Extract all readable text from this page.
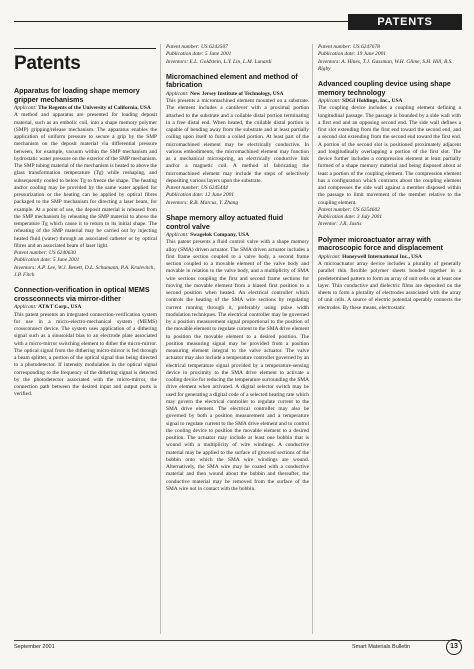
PATENTS
Patents
Apparatus for loading shape memory gripper mechanisms

Applicant: The Regents of the University of California, USA

A method and apparatus are presented for loading deposit material, such as an embolic coil, into a shape memory polymer (SMP) gripping/release mechanism. The apparatus enables the application of uniform pressure to secure a grip by the SMP mechanism on the deposit material via differential pressure between, for example, vacuum within the SMP mechanism and hydrostatic water pressure on the exterior of the SMP mechanism. The SMP tubing material of the mechanism is heated to above the glass transformation temperature (Tg) while reshaping, and subsequently cooled to below Tg to freeze the shape. The heating and/or cooling may be provided by the same water applied for pressurization or the heating can be applied by optical fibres packaged to the SMP mechanism for directing a laser beam, for example. At a point of use, the deposit material is released from the SMP mechanism by reheating the SMP material to above the temperature Tg which cause it to return to its initial shape. The reheating of the SMP material may be carried out by injecting heated fluid (water) through an associated catheter or by optical fibres and an associated beam of laser light.

Patent number: US 6240630

Publication date: 5 June 2001

Inventors: A.P. Lee, W.J. Benett, D.L. Schumann, P.A. Krulevitch, J.P. Fitch

Connection-verification in optical MEMS crossconnects via mirror-dither

Applicant: AT&T Corp., USA

This patent presents an integrated connection-verification system for use in a micro-electro-mechanical system (MEMS) crossconnect device. The system uses application of a dithering signal such as a sinusoidal bias to an electrode plate associated with a micro-mirror switching element to dither the micro-mirror. The optical signal from the dithering micro-mirror is fed through a beam splitter, a portion of the optical signal thus being directed to a photodetector. If intensity modulation in the optical signal corresponding to the frequency of the dithering signal is detected by the photodetector associated with the micro-mirror, the connection path between the desired input and output ports is verified.

Patent number: US 6243507

Publication date: 5 June 2001

Inventors: E.L. Goldstein, L.Y. Lin, L.M. Lunardi

Micromachined element and method of fabrication

Applicant: New Jersey Institute of Technology, USA

This presents a micromachined element mounted on a substrate. The element includes a cantilever with a proximal portion attached to the substrate and a coilable distal portion terminating in a free distal end. When heated, the coilable distal portion is capable of bending away from the substrate and at least partially coiling upon itself to form a coiled portion. At least part of the micromachined element may be electrically conductive. In various embodiments, the micromachined element may function as a mechanical microspring, an electrically conductive link and/or a magnetic coil. A method of fabricating the micromachined element may include the steps of selectively depositing various layers upon the substrate.

Patent number: US 6245444

Publication date: 12 June 2001

Inventors: R.B. Marcus, Y. Zhang

Shape memory alloy actuated fluid control valve

Applicant: Swagelok Company, USA

This patent presents a fluid control valve with a shape memory alloy (SMA) driven actuator. The SMA driven actuator includes a first frame section coupled to a valve body, a second frame section coupled to a movable element of the valve body and movable in relation to the valve body, and a multiplicity of SMA wire sections coupling the first and second frame sections for moving the movable element from a biased first position to a second position when heated. An electrical controller which controls the heating of the SMA wire sections by regulating current running through it, preferably using pulse width modulation techniques. The electrical controller may be governed by a position measurement signal proportional to the position of the movable element to regulate current to the SMA drive element to position the movable element to a desired position. The position measuring signal may be provided from a position measuring element integral to the valve actuator. The valve actuator may also include a temperature controller governed by an electrical temperature signal provided by a temperature-sensing device in proximity to the SMA drive element to activate a cooling device for reducing the temperature surrounding the SMA drive element when activated. A digital selector switch may be used for generating a digital code of a selected heating rate which may govern the electrical controller to regulate current to the SMA drive element. The electrical controller may also be governed by both a position measurement and a temperature signal to regulate current to the SMA drive element and to control the cooling device to position the movable element to a desired position. The actuator may include at least one bobbin that is wound with a multiplicity of wire windings. A conductive material may be applied to the surface of grooved sections of the bobbin onto which the SMA wire windings are wound. Alternatively, the SMA wire may be coated with a conductive material and then wound about the bobbin and thereafter, the conductive material may be removed from the surface of the SMA wire not in contact with the bobbin.

Patent number: US 6247678

Publication date: 19 June 2001

Inventors: A. Hines, T.J. Gassman, W.H. Glime, S.H. Hill, B.S. Rigby

Advanced coupling device using shape memory technology

Applicant: SDGI Holdings, Inc., USA

The coupling device includes a coupling element defining a longitudinal passage. The passage is bounded by a side wall with a first end and an opposing second end. The side wall defines a first slot extending from the first end toward the second end, and a second slot extending from the second end toward the first end. A portion of the second slot is positioned proximately adjacent and longitudinally overlapping a portion of the first slot. The device further includes a compression element at least partially formed of a shape memory material and being disposed about at least a portion of the coupling element. The compression element has a configuration which contracts about the coupling element and compresses the side wall against a member disposed within the passage to limit movement of the member relative to the coupling element.

Patent number: US 6254602

Publication date: 3 July 2001

Inventor: J.R. Justis

Polymer microactuator array with macroscopic force and displacement

Applicant: Honeywell International Inc., USA

A microactuator array device includes a plurality of generally parallel thin flexible polymer sheets bonded together in a predetermined pattern to form an array of unit cells on at least one layer. Thin conductive and dielectric films are deposited on the sheets to form a plurality of electrodes associated with the array of unit cells. A source of electric potential operably connects the electrodes. By these means, electrostatic

September 2001	Smart Materials Bulletin	13
